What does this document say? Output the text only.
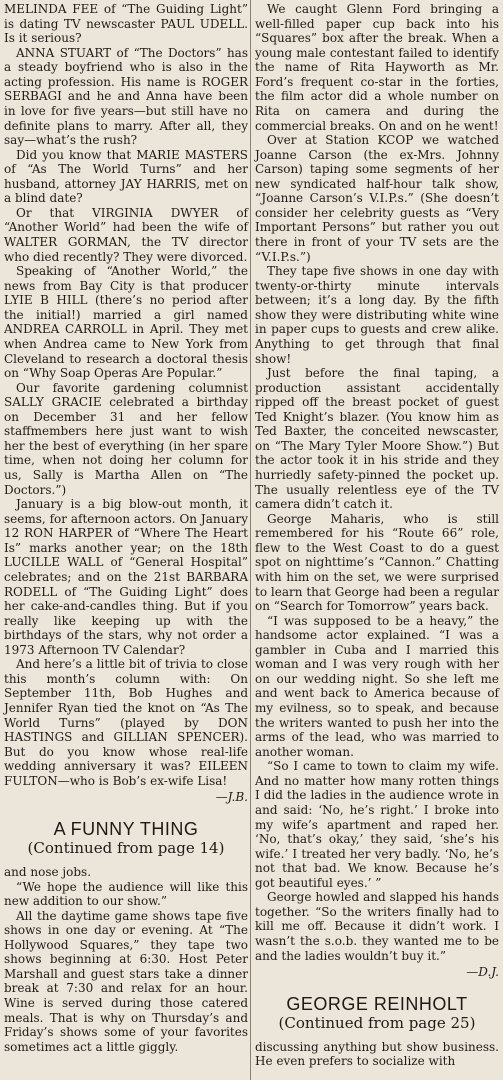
MELINDA FEE of “The Guiding Light” is dating TV newscaster PAUL UDELL. Is it serious?

ANNA STUART of “The Doctors” has a steady boyfriend who is also in the acting profession. His name is ROGER SERBAGI and he and Anna have been in love for five years—but still have no definite plans to marry. After all, they say—what’s the rush?

Did you know that MARIE MASTERS of “As The World Turns” and her husband, attorney JAY HARRIS, met on a blind date?

Or that VIRGINIA DWYER of “Another World” had been the wife of WALTER GORMAN, the TV director who died recently? They were divorced.

Speaking of “Another World,” the news from Bay City is that producer LYIE B HILL (there’s no period after the initial!) married a girl named ANDREA CARROLL in April. They met when Andrea came to New York from Cleveland to research a doctoral thesis on “Why Soap Operas Are Popular.”

Our favorite gardening columnist SALLY GRACIE celebrated a birthday on December 31 and her fellow staffmembers here just want to wish her the best of everything (in her spare time, when not doing her column for us, Sally is Martha Allen on “The Doctors.”)

January is a big blow-out month, it seems, for afternoon actors. On January 12 RON HARPER of “Where The Heart Is” marks another year; on the 18th LUCILLE WALL of “General Hospital” celebrates; and on the 21st BARBARA RODELL of “The Guiding Light” does her cake-and-candles thing. But if you really like keeping up with the birthdays of the stars, why not order a 1973 Afternoon TV Calendar?

And here’s a little bit of trivia to close this month’s column with: On September 11th, Bob Hughes and Jennifer Ryan tied the knot on “As The World Turns” (played by DON HASTINGS and GILLIAN SPENCER). But do you know whose real-life wedding anniversary it was? EILEEN FULTON—who is Bob’s ex-wife Lisa!

—J.B.
A FUNNY THING
(Continued from page 14)

and nose jobs.

“We hope the audience will like this new addition to our show.”

All the daytime game shows tape five shows in one day or evening. At “The Hollywood Squares,” they tape two shows beginning at 6:30. Host Peter Marshall and guest stars take a dinner break at 7:30 and relax for an hour. Wine is served during those catered meals. That is why on Thursday’s and Friday’s shows some of your favorites sometimes act a little giggly.

We caught Glenn Ford bringing a well-filled paper cup back into his “Squares” box after the break. When a young male contestant failed to identify the name of Rita Hayworth as Mr. Ford’s frequent co-star in the forties, the film actor did a whole number on Rita on camera and during the commercial breaks. On and on he went!

Over at Station KCOP we watched Joanne Carson (the ex-Mrs. Johnny Carson) taping some segments of her new syndicated half-hour talk show, “Joanne Carson’s V.I.P.s.” (She doesn’t consider her celebrity guests as “Very Important Persons” but rather you out there in front of your TV sets are the “V.I.P.s.”)

They tape five shows in one day with twenty-or-thirty minute intervals between; it’s a long day. By the fifth show they were distributing white wine in paper cups to guests and crew alike. Anything to get through that final show!

Just before the final taping, a production assistant accidentally ripped off the breast pocket of guest Ted Knight’s blazer. (You know him as Ted Baxter, the conceited newscaster, on “The Mary Tyler Moore Show.”) But the actor took it in his stride and they hurriedly safety-pinned the pocket up. The usually relentless eye of the TV camera didn’t catch it.

George Maharis, who is still remembered for his “Route 66” role, flew to the West Coast to do a guest spot on nighttime’s “Cannon.” Chatting with him on the set, we were surprised to learn that George had been a regular on “Search for Tomorrow” years back.

“I was supposed to be a heavy,” the handsome actor explained. “I was a gambler in Cuba and I married this woman and I was very rough with her on our wedding night. So she left me and went back to America because of my evilness, so to speak, and because the writers wanted to push her into the arms of the lead, who was married to another woman.

“So I came to town to claim my wife. And no matter how many rotten things I did the ladies in the audience wrote in and said: ‘No, he’s right.’ I broke into my wife’s apartment and raped her. ‘No, that’s okay,’ they said, ‘she’s his wife.’ I treated her very badly. ‘No, he’s not that bad. We know. Because he’s got beautiful eyes.’ ”

George howled and slapped his hands together. “So the writers finally had to kill me off. Because it didn’t work. I wasn’t the s.o.b. they wanted me to be and the ladies wouldn’t buy it.”

—D.J.
GEORGE REINHOLT
(Continued from page 25)

discussing anything but show business. He even prefers to socialize with
